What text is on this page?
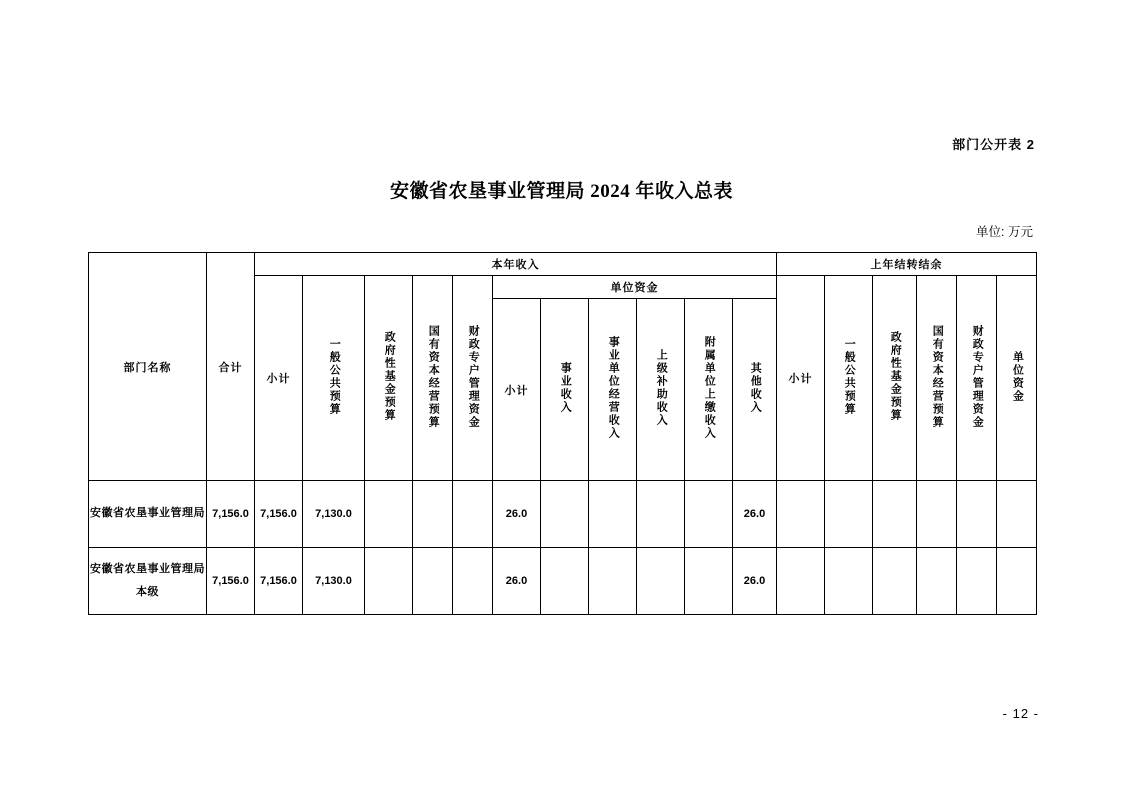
部门公开表 2
安徽省农垦事业管理局 2024 年收入总表
单位: 万元
部门名称	合计	本年收入											上年结转结余					
		小计	一般公共预算	政府性基金预算	国有资本经营预算	财政专户管理资金	单位资金						小计	一般公共预算	政府性基金预算	国有资本经营预算	财政专户管理资金	单位资金
							小计	事业收入	事业单位经营收入	上级补助收入	附属单位上缴收入	其他收入						
安徽省农垦事业管理局	7,156.0	7,156.0	7,130.0				26.0					26.0						
安徽省农垦事业管理局本级	7,156.0	7,156.0	7,130.0				26.0					26.0						
- 12 -
